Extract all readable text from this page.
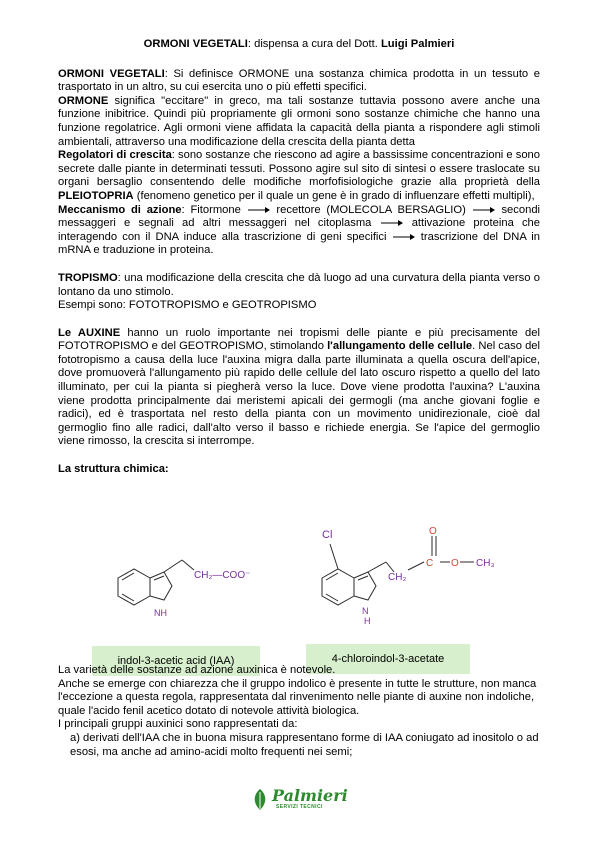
ORMONI VEGETALI: dispensa a cura del Dott. Luigi Palmieri

ORMONI VEGETALI: Si definisce ORMONE una sostanza chimica prodotta in un tessuto e trasportato in un altro, su cui esercita uno o più effetti specifici.

ORMONE significa "eccitare" in greco, ma tali sostanze tuttavia possono avere anche una funzione inibitrice. Quindi più propriamente gli ormoni sono sostanze chimiche che hanno una funzione regolatrice. Agli ormoni viene affidata la capacità della pianta a rispondere agli stimoli ambientali, attraverso una modificazione della crescita della pianta detta

Regolatori di crescita: sono sostanze che riescono ad agire a bassissime concentrazioni e sono secrete dalle piante in determinati tessuti. Possono agire sul sito di sintesi o essere traslocate su organi bersaglio consentendo delle modifiche morfofisiologiche grazie alla proprietà della PLEIOTOPRIA (fenomeno genetico per il quale un gene è in grado di influenzare effetti multipli),

Meccanismo di azione: Fitormone  recettore (MOLECOLA BERSAGLIO)  secondi messaggeri e segnali ad altri messaggeri nel citoplasma  attivazione proteina che interagendo con il DNA induce alla trascrizione di geni specifici  trascrizione del DNA in mRNA e traduzione in proteina.

TROPISMO: una modificazione della crescita che dà luogo ad una curvatura della pianta verso o lontano da uno stimolo.

Esempi sono: FOTOTROPISMO e GEOTROPISMO

Le AUXINE hanno un ruolo importante nei tropismi delle piante e più precisamente del FOTOTROPISMO e del GEOTROPISMO, stimolando l'allungamento delle cellule. Nel caso del fototropismo a causa della luce l'auxina migra dalla parte illuminata a quella oscura dell'apice, dove promuoverà l'allungamento più rapido delle cellule del lato oscuro rispetto a quello del lato illuminato, per cui la pianta si piegherà verso la luce. Dove viene prodotta l'auxina? L'auxina viene prodotta principalmente dai meristemi apicali dei germogli (ma anche giovani foglie e radici), ed è trasportata nel resto della pianta con un movimento unidirezionale, cioè dal germoglio fino alle radici, dall'alto verso il basso e richiede energia. Se l'apice del germoglio viene rimosso, la crescita si interrompe.

La struttura chimica:

CH₂—COO⁻
NH
Cl
CH₂
C
O
O CH₃
N
H
indol-3-acetic acid (IAA)	4-chloroindol-3-acetate

La varietà delle sostanze ad azione auxinica è notevole.

Anche se emerge con chiarezza che il gruppo indolico è presente in tutte le strutture, non manca l'eccezione a questa regola, rappresentata dal rinvenimento nelle piante di auxine non indoliche, quale l'acido fenil acetico dotato di notevole attività biologica.

I principali gruppi auxinici sono rappresentati da:

a) derivati dell'IAA che in buona misura rappresentano forme di IAA coniugato ad inositolo o ad esosi, ma anche ad amino-acidi molto frequenti nei semi;

Palmieri
SERVIZI TECNICI
